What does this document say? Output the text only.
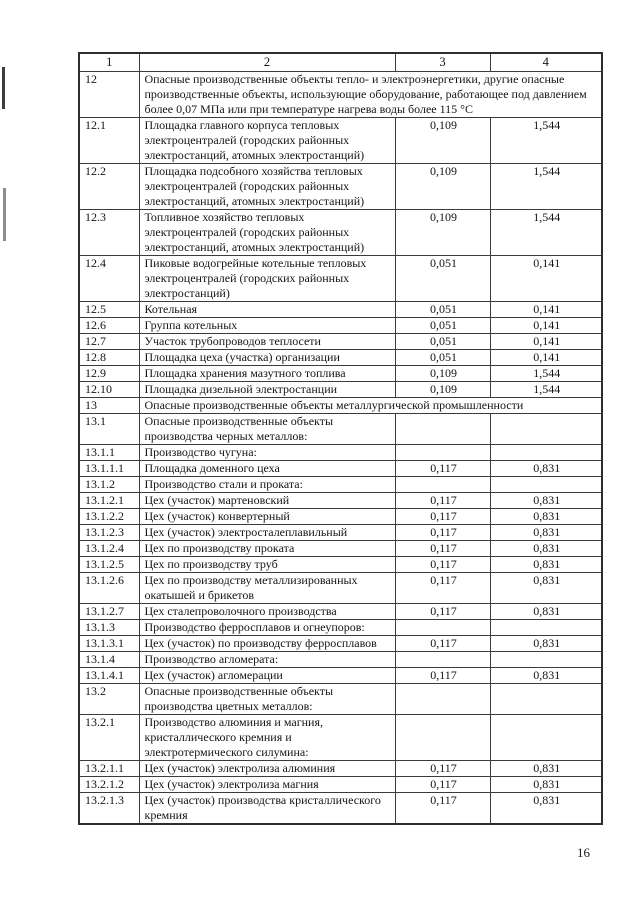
1	2	3	4
12	Опасные производственные объекты тепло- и электроэнергетики, другие опасные производственные объекты, использующие оборудование, работающее под давлением более 0,07 МПа или при температуре нагрева воды более 115 °С		
12.1	Площадка главного корпуса тепловых электроцентралей (городских районных электростанций, атомных электростанций)	0,109	1,544
12.2	Площадка подсобного хозяйства тепловых электроцентралей (городских районных электростанций, атомных электростанций)	0,109	1,544
12.3	Топливное хозяйство тепловых электроцентралей (городских районных электростанций, атомных электростанций)	0,109	1,544
12.4	Пиковые водогрейные котельные тепловых электроцентралей (городских районных электростанций)	0,051	0,141
12.5	Котельная	0,051	0,141
12.6	Группа котельных	0,051	0,141
12.7	Участок трубопроводов теплосети	0,051	0,141
12.8	Площадка цеха (участка) организации	0,051	0,141
12.9	Площадка хранения мазутного топлива	0,109	1,544
12.10	Площадка дизельной электростанции	0,109	1,544
13	Опасные производственные объекты металлургической промышленности		
13.1	Опасные производственные объекты производства черных металлов:		
13.1.1	Производство чугуна:		
13.1.1.1	Площадка доменного цеха	0,117	0,831
13.1.2	Производство стали и проката:		
13.1.2.1	Цех (участок) мартеновский	0,117	0,831
13.1.2.2	Цех (участок) конвертерный	0,117	0,831
13.1.2.3	Цех (участок) электросталеплавильный	0,117	0,831
13.1.2.4	Цех по производству проката	0,117	0,831
13.1.2.5	Цех по производству труб	0,117	0,831
13.1.2.6	Цех по производству металлизированных окатышей и брикетов	0,117	0,831
13.1.2.7	Цех сталепроволочного производства	0,117	0,831
13.1.3	Производство ферросплавов и огнеупоров:		
13.1.3.1	Цех (участок) по производству ферросплавов	0,117	0,831
13.1.4	Производство агломерата:		
13.1.4.1	Цех (участок) агломерации	0,117	0,831
13.2	Опасные производственные объекты производства цветных металлов:		
13.2.1	Производство алюминия и магния, кристаллического кремния и электротермического силумина:		
13.2.1.1	Цех (участок) электролиза алюминия	0,117	0,831
13.2.1.2	Цех (участок) электролиза магния	0,117	0,831
13.2.1.3	Цех (участок) производства кристаллического кремния	0,117	0,831
16
